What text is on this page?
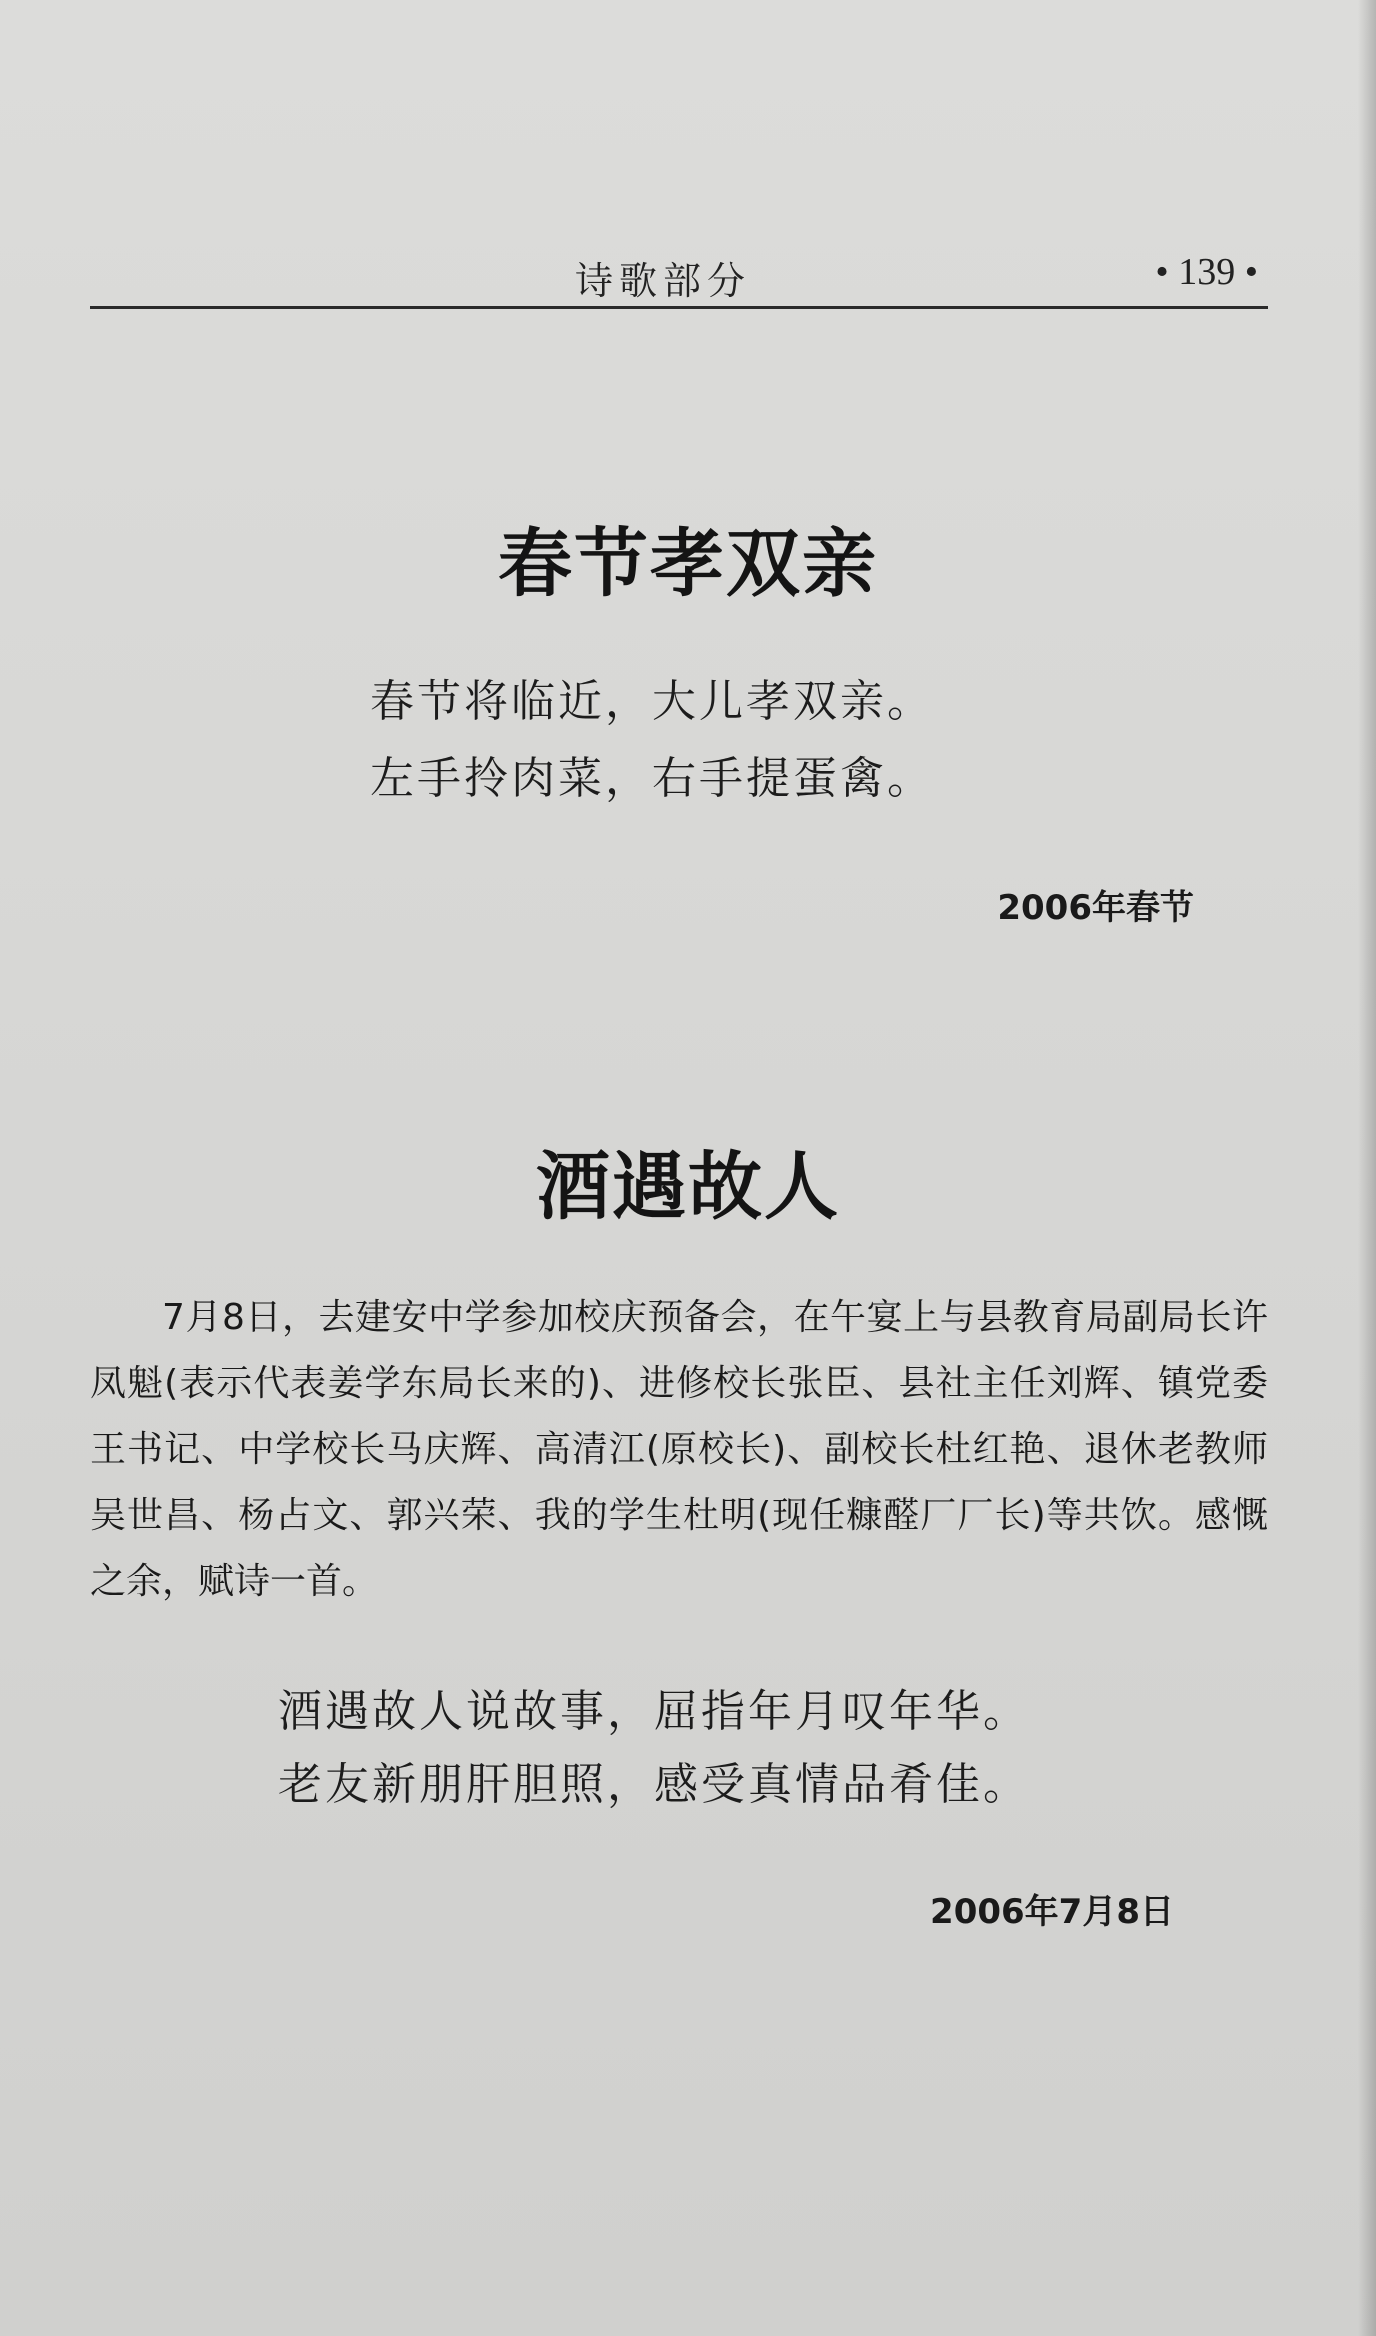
诗歌部分	• 139 •
春节孝双亲
春节将临近，大儿孝双亲。
左手拎肉菜，右手提蛋禽。
2006年春节
酒遇故人

7月8日，去建安中学参加校庆预备会，在午宴上与县教育局副局长许凤魁(表示代表姜学东局长来的)、进修校长张臣、县社主任刘辉、镇党委王书记、中学校长马庆辉、高清江(原校长)、副校长杜红艳、退休老教师吴世昌、杨占文、郭兴荣、我的学生杜明(现任糠醛厂厂长)等共饮。感慨之余，赋诗一首。

酒遇故人说故事，屈指年月叹年华。
老友新朋肝胆照，感受真情品肴佳。
2006年7月8日
